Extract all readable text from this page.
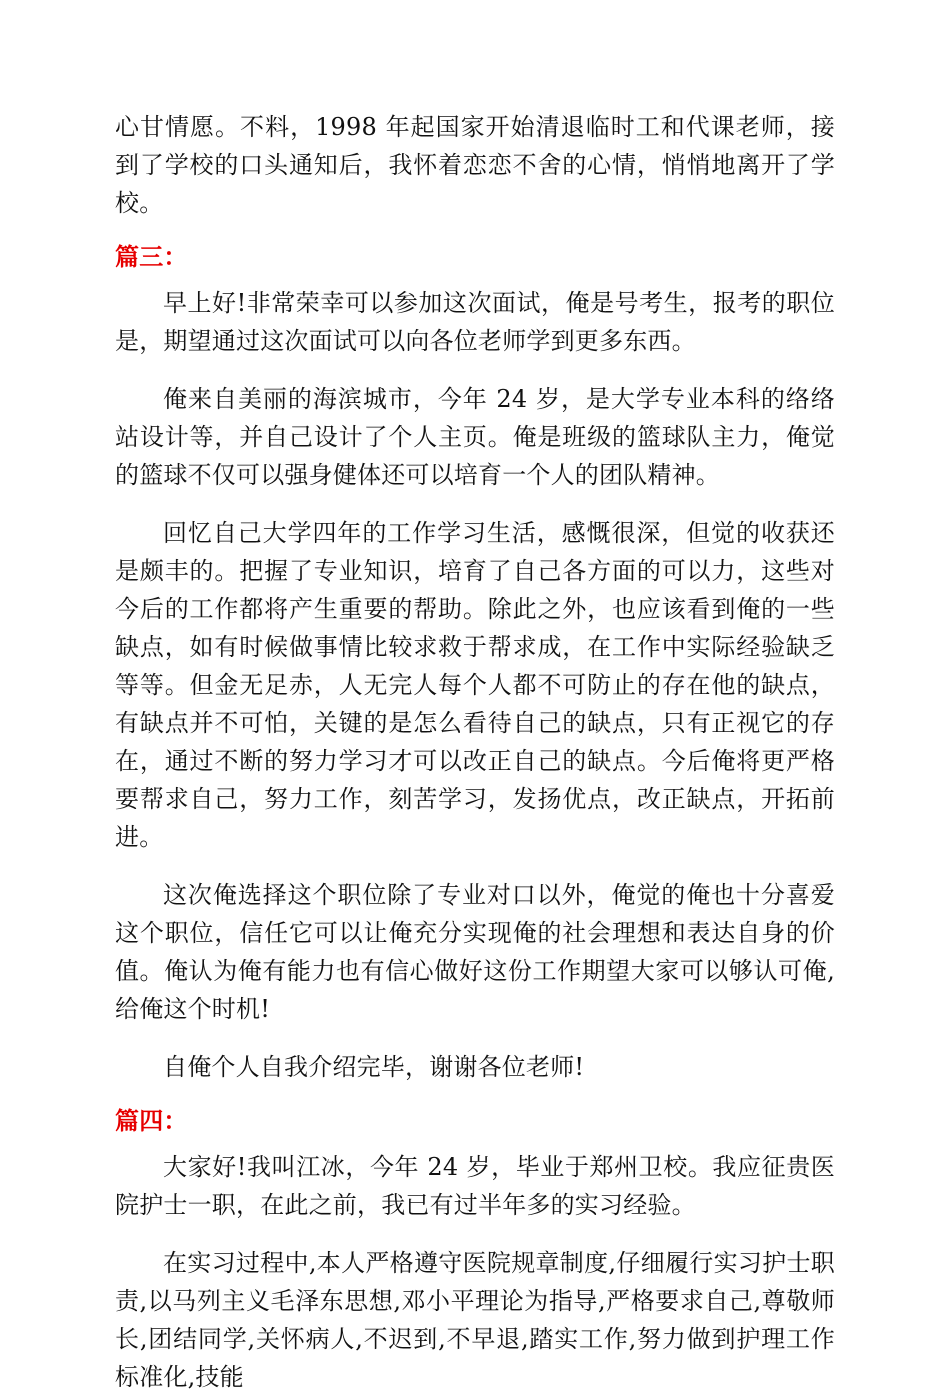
心甘情愿。不料，1998 年起国家开始清退临时工和代课老师，接到了学校的口头通知后，我怀着恋恋不舍的心情，悄悄地离开了学校。

篇三：

早上好!非常荣幸可以参加这次面试，俺是号考生，报考的职位是，期望通过这次面试可以向各位老师学到更多东西。

俺来自美丽的海滨城市，今年 24 岁，是大学专业本科的络络站设计等，并自己设计了个人主页。俺是班级的篮球队主力，俺觉的篮球不仅可以强身健体还可以培育一个人的团队精神。

回忆自己大学四年的工作学习生活，感慨很深，但觉的收获还是颇丰的。把握了专业知识，培育了自己各方面的可以力，这些对今后的工作都将产生重要的帮助。除此之外，也应该看到俺的一些缺点，如有时候做事情比较求救于帮求成，在工作中实际经验缺乏等等。但金无足赤，人无完人每个人都不可防止的存在他的缺点，有缺点并不可怕，关键的是怎么看待自己的缺点，只有正视它的存在，通过不断的努力学习才可以改正自己的缺点。今后俺将更严格要帮求自己，努力工作，刻苦学习，发扬优点，改正缺点，开拓前进。

这次俺选择这个职位除了专业对口以外，俺觉的俺也十分喜爱这个职位，信任它可以让俺充分实现俺的社会理想和表达自身的价值。俺认为俺有能力也有信心做好这份工作期望大家可以够认可俺,给俺这个时机!

自俺个人自我介绍完毕，谢谢各位老师!

篇四：

大家好!我叫江冰，今年 24 岁，毕业于郑州卫校。我应征贵医院护士一职，在此之前，我已有过半年多的实习经验。

在实习过程中,本人严格遵守医院规章制度,仔细履行实习护士职责,以马列主义毛泽东思想,邓小平理论为指导,严格要求自己,尊敬师长,团结同学,关怀病人,不迟到,不早退,踏实工作,努力做到护理工作标准化,技能
